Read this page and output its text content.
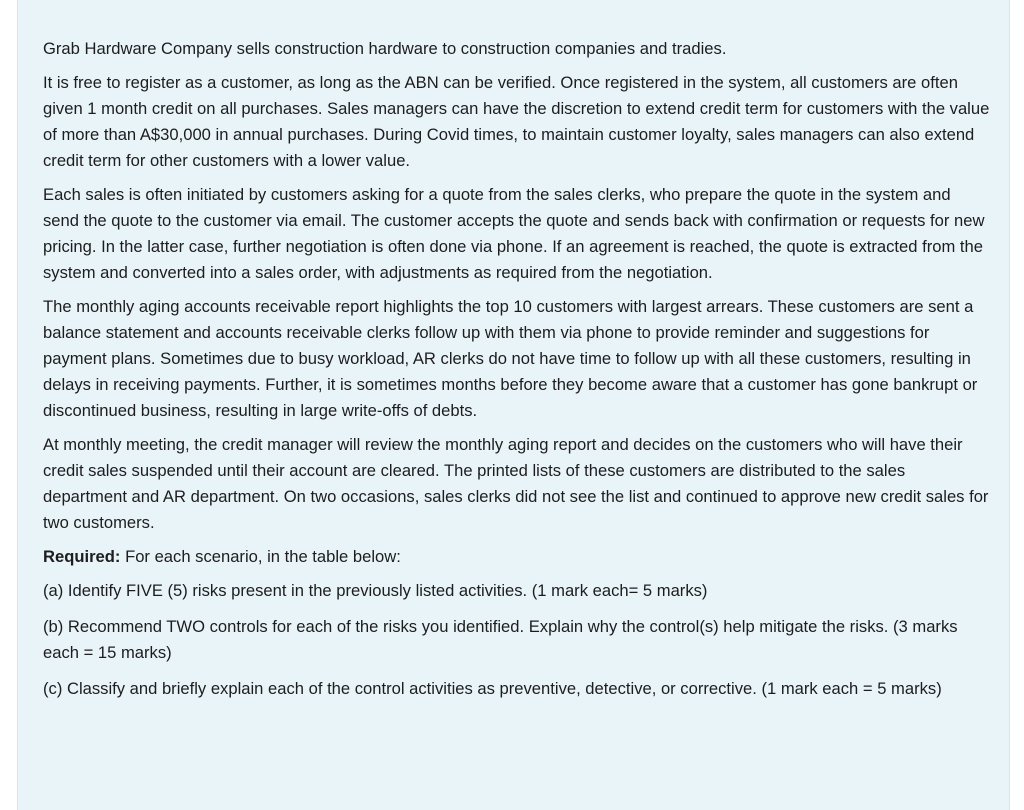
Grab Hardware Company sells construction hardware to construction companies and tradies.

It is free to register as a customer, as long as the ABN can be verified. Once registered in the system, all customers are often given 1 month credit on all purchases. Sales managers can have the discretion to extend credit term for customers with the value of more than A$30,000 in annual purchases. During Covid times, to maintain customer loyalty, sales managers can also extend credit term for other customers with a lower value.

Each sales is often initiated by customers asking for a quote from the sales clerks, who prepare the quote in the system and send the quote to the customer via email. The customer accepts the quote and sends back with confirmation or requests for new pricing. In the latter case, further negotiation is often done via phone. If an agreement is reached, the quote is extracted from the system and converted into a sales order, with adjustments as required from the negotiation.

The monthly aging accounts receivable report highlights the top 10 customers with largest arrears. These customers are sent a balance statement and accounts receivable clerks follow up with them via phone to provide reminder and suggestions for payment plans. Sometimes due to busy workload, AR clerks do not have time to follow up with all these customers, resulting in delays in receiving payments. Further, it is sometimes months before they become aware that a customer has gone bankrupt or discontinued business, resulting in large write-offs of debts.

At monthly meeting, the credit manager will review the monthly aging report and decides on the customers who will have their credit sales suspended until their account are cleared. The printed lists of these customers are distributed to the sales department and AR department. On two occasions, sales clerks did not see the list and continued to approve new credit sales for two customers.

Required: For each scenario, in the table below:

(a) Identify FIVE (5) risks present in the previously listed activities. (1 mark each= 5 marks)

(b) Recommend TWO controls for each of the risks you identified. Explain why the control(s) help mitigate the risks. (3 marks each = 15 marks)

(c) Classify and briefly explain each of the control activities as preventive, detective, or corrective. (1 mark each = 5 marks)
